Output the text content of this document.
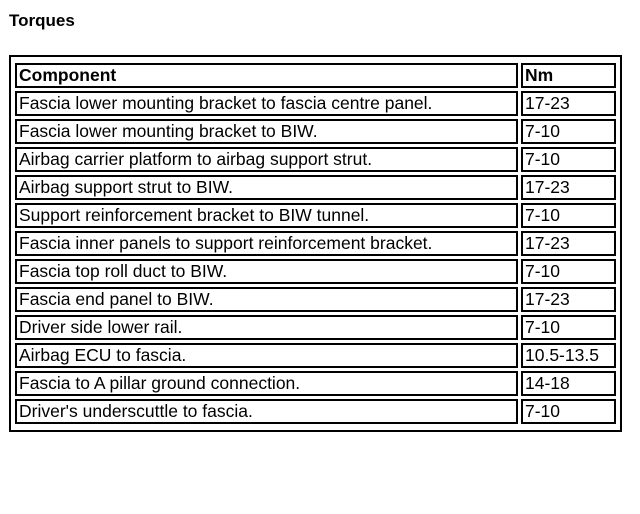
Torques
Component	Nm
Fascia lower mounting bracket to fascia centre panel.	17-23
Fascia lower mounting bracket to BIW.	7-10
Airbag carrier platform to airbag support strut.	7-10
Airbag support strut to BIW.	17-23
Support reinforcement bracket to BIW tunnel.	7-10
Fascia inner panels to support reinforcement bracket.	17-23
Fascia top roll duct to BIW.	7-10
Fascia end panel to BIW.	17-23
Driver side lower rail.	7-10
Airbag ECU to fascia.	10.5-13.5
Fascia to A pillar ground connection.	14-18
Driver's underscuttle to fascia.	7-10
